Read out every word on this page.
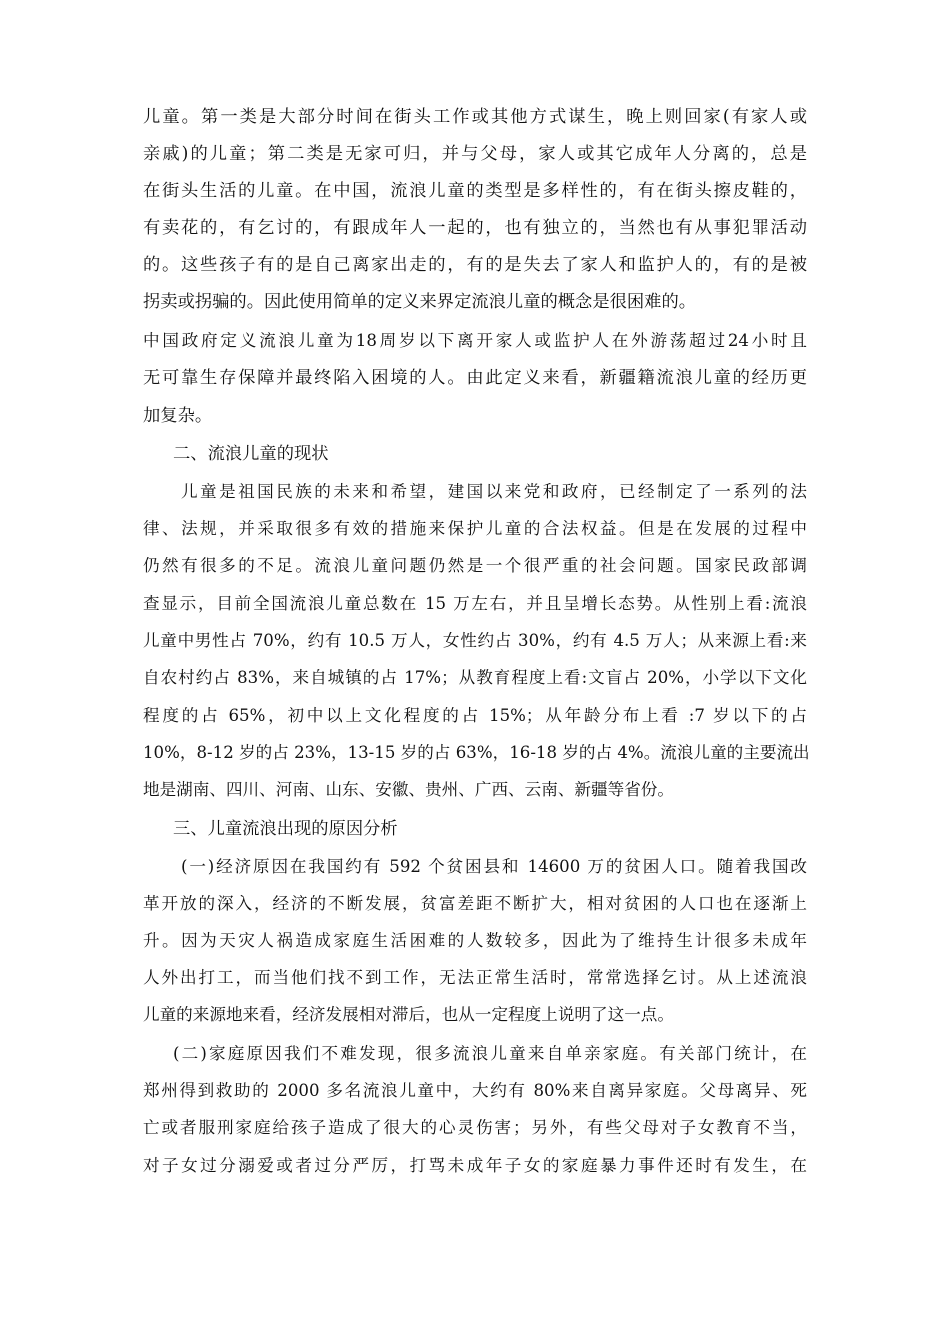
儿童。第一类是大部分时间在街头工作或其他方式谋生，晚上则回家(有家人或
亲戚)的儿童；第二类是无家可归，并与父母，家人或其它成年人分离的，总是
在街头生活的儿童。在中国，流浪儿童的类型是多样性的，有在街头擦皮鞋的，
有卖花的，有乞讨的，有跟成年人一起的，也有独立的，当然也有从事犯罪活动
的。这些孩子有的是自己离家出走的，有的是失去了家人和监护人的，有的是被
拐卖或拐骗的。因此使用简单的定义来界定流浪儿童的概念是很困难的。
中国政府定义流浪儿童为18周岁以下离开家人或监护人在外游荡超过24小时且
无可靠生存保障并最终陷入困境的人。由此定义来看，新疆籍流浪儿童的经历更
加复杂。
二、流浪儿童的现状
儿童是祖国民族的未来和希望，建国以来党和政府，已经制定了一系列的法
律、法规，并采取很多有效的措施来保护儿童的合法权益。但是在发展的过程中
仍然有很多的不足。流浪儿童问题仍然是一个很严重的社会问题。国家民政部调
查显示，目前全国流浪儿童总数在 15 万左右，并且呈增长态势。从性别上看:流浪
儿童中男性占 70%，约有 10.5 万人，女性约占 30%，约有 4.5 万人；从来源上看:来
自农村约占 83%，来自城镇的占 17%；从教育程度上看:文盲占 20%，小学以下文化
程度的占 65%，初中以上文化程度的占 15%；从年龄分布上看 :7 岁以下的占
10%，8-12 岁的占 23%，13-15 岁的占 63%，16-18 岁的占 4%。流浪儿童的主要流出
地是湖南、四川、河南、山东、安徽、贵州、广西、云南、新疆等省份。
三、儿童流浪出现的原因分析
(一)经济原因在我国约有 592 个贫困县和 14600 万的贫困人口。随着我国改
革开放的深入，经济的不断发展，贫富差距不断扩大，相对贫困的人口也在逐渐上
升。因为天灾人祸造成家庭生活困难的人数较多，因此为了维持生计很多未成年
人外出打工，而当他们找不到工作，无法正常生活时，常常选择乞讨。从上述流浪
儿童的来源地来看，经济发展相对滞后，也从一定程度上说明了这一点。
(二)家庭原因我们不难发现，很多流浪儿童来自单亲家庭。有关部门统计，在
郑州得到救助的 2000 多名流浪儿童中，大约有 80%来自离异家庭。父母离异、死
亡或者服刑家庭给孩子造成了很大的心灵伤害；另外，有些父母对子女教育不当，
对子女过分溺爱或者过分严厉，打骂未成年子女的家庭暴力事件还时有发生，在
